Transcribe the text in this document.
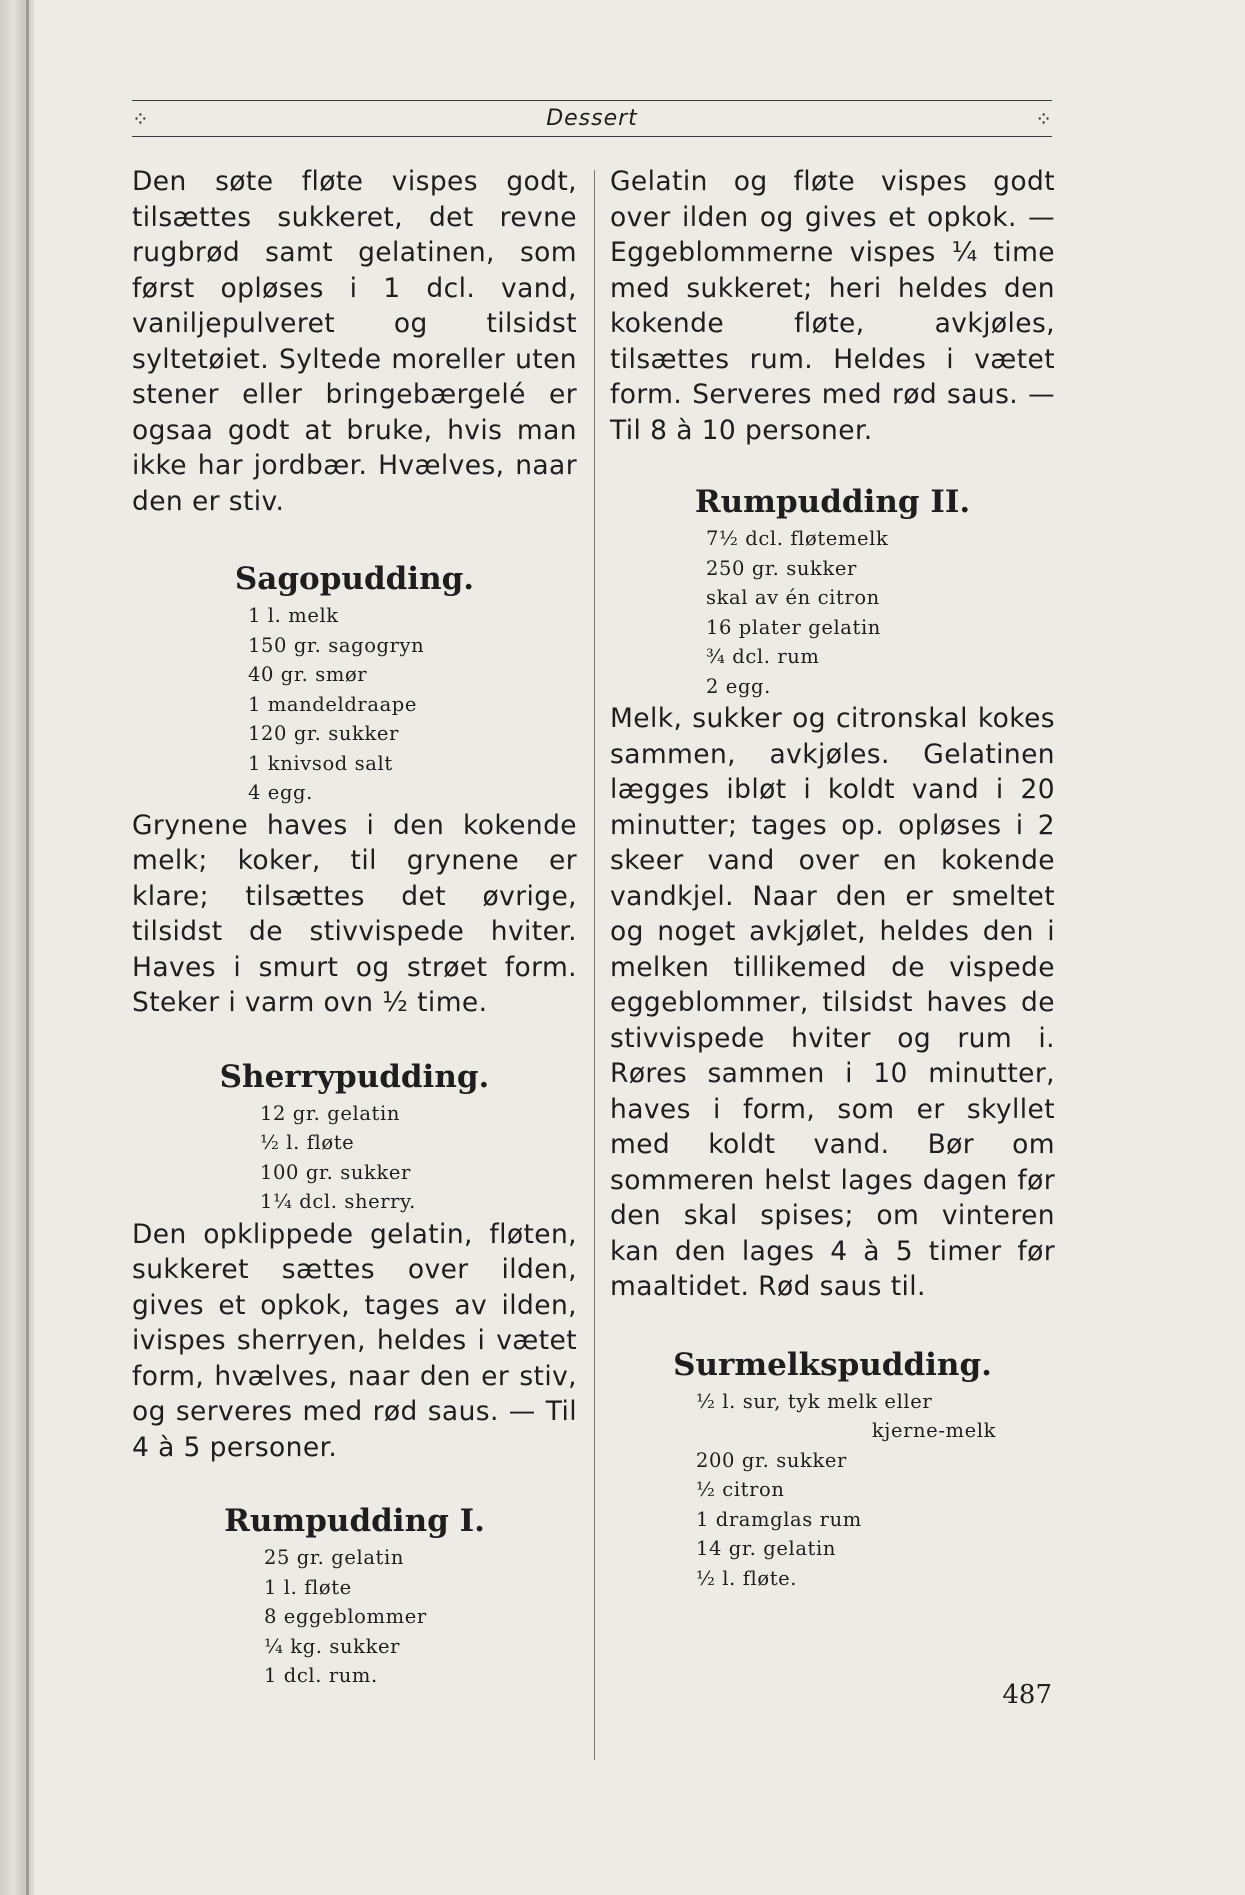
⁘	Dessert	⁘

Den søte fløte vispes godt, tilsættes sukkeret, det revne rugbrød samt gelatinen, som først opløses i 1 dcl. vand, vaniljepulveret og tilsidst syltetøiet. Syltede moreller uten stener eller bringebærgelé er ogsaa godt at bruke, hvis man ikke har jordbær. Hvælves, naar den er stiv.

Sagopudding.
1 l. melk
150 gr. sagogryn
40 gr. smør
1 mandeldraape
120 gr. sukker
1 knivsod salt
4 egg.

Grynene haves i den kokende melk; koker, til grynene er klare; tilsættes det øvrige, tilsidst de stivvispede hviter. Haves i smurt og strøet form. Steker i varm ovn ½ time.

Sherrypudding.
12 gr. gelatin
½ l. fløte
100 gr. sukker
1¼ dcl. sherry.

Den opklippede gelatin, fløten, sukkeret sættes over ilden, gives et opkok, tages av ilden, ivispes sherryen, heldes i vætet form, hvælves, naar den er stiv, og serveres med rød saus. — Til 4 à 5 personer.

Rumpudding I.
25 gr. gelatin
1 l. fløte
8 eggeblommer
¼ kg. sukker
1 dcl. rum.

Gelatin og fløte vispes godt over ilden og gives et opkok. — Eggeblommerne vispes ¼ time med sukkeret; heri heldes den kokende fløte, avkjøles, tilsættes rum. Heldes i vætet form. Serveres med rød saus. — Til 8 à 10 personer.

Rumpudding II.
7½ dcl. fløtemelk
250 gr. sukker
skal av én citron
16 plater gelatin
¾ dcl. rum
2 egg.

Melk, sukker og citronskal kokes sammen, avkjøles. Gelatinen lægges ibløt i koldt vand i 20 minutter; tages op. opløses i 2 skeer vand over en kokende vandkjel. Naar den er smeltet og noget avkjølet, heldes den i melken tillikemed de vispede eggeblommer, tilsidst haves de stivvispede hviter og rum i. Røres sammen i 10 minutter, haves i form, som er skyllet med koldt vand. Bør om sommeren helst lages dagen før den skal spises; om vinteren kan den lages 4 à 5 timer før maaltidet. Rød saus til.

Surmelkspudding.
½ l. sur, tyk melk eller
kjerne-melk
200 gr. sukker
½ citron
1 dramglas rum
14 gr. gelatin
½ l. fløte.
487
